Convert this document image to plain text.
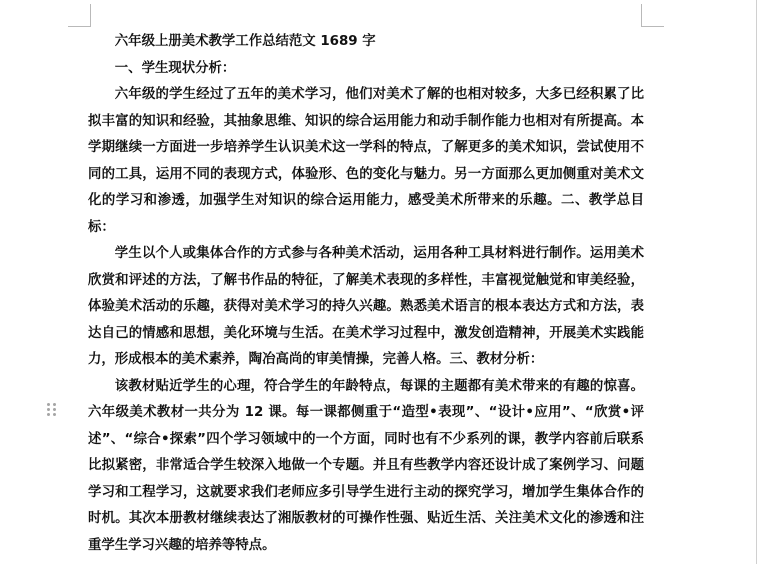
六年级上册美术教学工作总结范文 1689 字

一、学生现状分析：

六年级的学生经过了五年的美术学习，他们对美术了解的也相对较多，大多已经积累了比拟丰富的知识和经验，其抽象思维、知识的综合运用能力和动手制作能力也相对有所提高。本学期继续一方面进一步培养学生认识美术这一学科的特点，了解更多的美术知识，尝试使用不同的工具，运用不同的表现方式，体验形、色的变化与魅力。另一方面那么更加侧重对美术文化的学习和渗透，加强学生对知识的综合运用能力，感受美术所带来的乐趣。二、教学总目标：

学生以个人或集体合作的方式参与各种美术活动，运用各种工具材料进行制作。运用美术欣赏和评述的方法，了解书作品的特征，了解美术表现的多样性，丰富视觉触觉和审美经验，体验美术活动的乐趣，获得对美术学习的持久兴趣。熟悉美术语言的根本表达方式和方法，表达自己的情感和思想，美化环境与生活。在美术学习过程中，激发创造精神，开展美术实践能力，形成根本的美术素养，陶冶高尚的审美情操，完善人格。三、教材分析：

该教材贴近学生的心理，符合学生的年龄特点，每课的主题都有美术带来的有趣的惊喜。六年级美术教材一共分为 12 课。每一课都侧重于“造型•表现”、“设计•应用”、“欣赏•评述”、“综合•探索”四个学习领域中的一个方面，同时也有不少系列的课，教学内容前后联系比拟紧密，非常适合学生较深入地做一个专题。并且有些教学内容还设计成了案例学习、问题学习和工程学习，这就要求我们老师应多引导学生进行主动的探究学习，增加学生集体合作的时机。其次本册教材继续表达了湘版教材的可操作性强、贴近生活、关注美术文化的渗透和注重学生学习兴趣的培养等特点。
